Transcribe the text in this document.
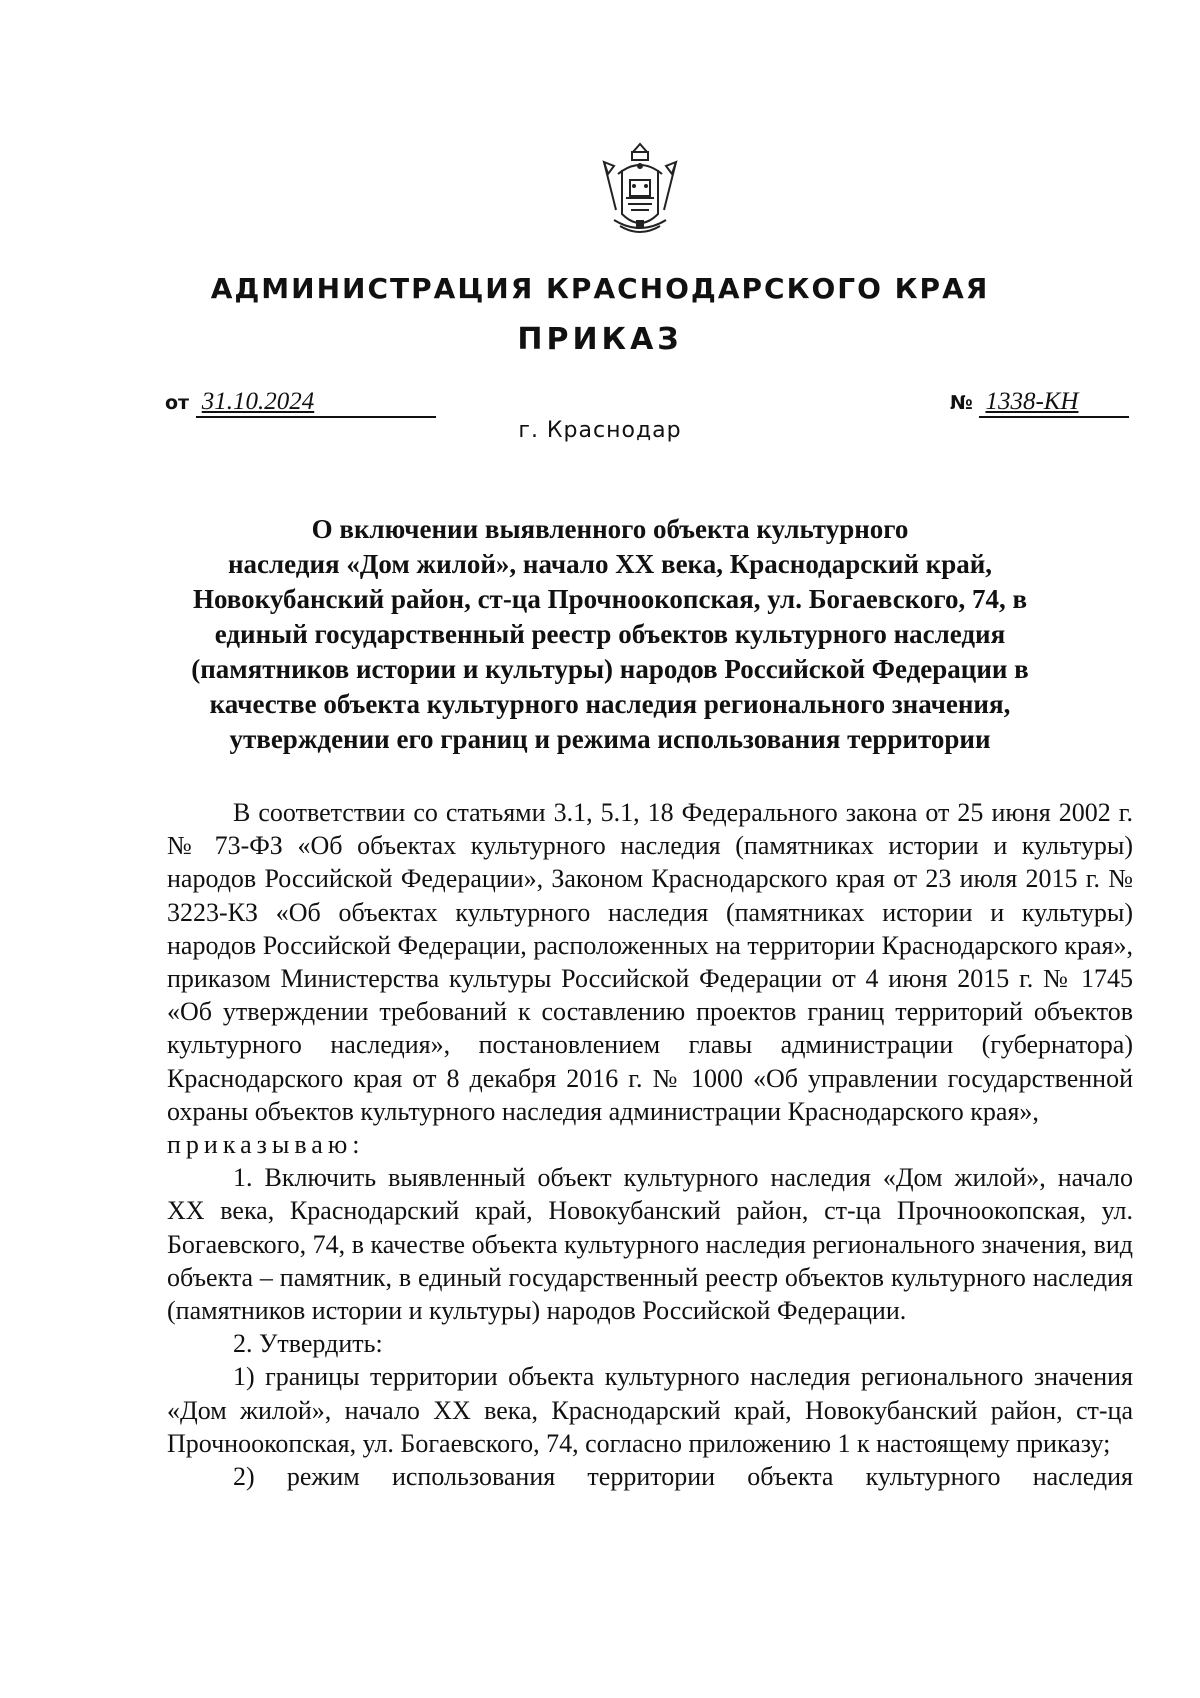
АДМИНИСТРАЦИЯ КРАСНОДАРСКОГО КРАЯ
ПРИКАЗ
от 31.10.2024	№ 1338-КН
г. Краснодар
О включении выявленного объекта культурного
наследия «Дом жилой», начало XX века, Краснодарский край,
Новокубанский район, ст-ца Прочноокопская, ул. Богаевского, 74, в
единый государственный реестр объектов культурного наследия
(памятников истории и культуры) народов Российской Федерации в
качестве объекта культурного наследия регионального значения,
утверждении его границ и режима использования территории

В соответствии со статьями 3.1, 5.1, 18 Федерального закона от 25 июня 2002 г. № 73-ФЗ «Об объектах культурного наследия (памятниках истории и культуры) народов Российской Федерации», Законом Краснодарского края от 23 июля 2015 г. № 3223-КЗ «Об объектах культурного наследия (памятниках истории и культуры) народов Российской Федерации, расположенных на территории Краснодарского края», приказом Министерства культуры Российской Федерации от 4 июня 2015 г. № 1745 «Об утверждении требований к составлению проектов границ территорий объектов культурного наследия», постановлением главы администрации (губернатора) Краснодарского края от 8 декабря 2016 г. № 1000 «Об управлении государственной охраны объектов культурного наследия администрации Краснодарского края»,

приказываю:

1. Включить выявленный объект культурного наследия «Дом жилой», начало XX века, Краснодарский край, Новокубанский район, ст-ца Прочноокопская, ул. Богаевского, 74, в качестве объекта культурного наследия регионального значения, вид объекта – памятник, в единый государственный реестр объектов культурного наследия (памятников истории и культуры) народов Российской Федерации.

2. Утвердить:

1) границы территории объекта культурного наследия регионального значения «Дом жилой», начало XX века, Краснодарский край, Новокубанский район, ст-ца Прочноокопская, ул. Богаевского, 74, согласно приложению 1 к настоящему приказу;

2) режим использования территории объекта культурного наследия
